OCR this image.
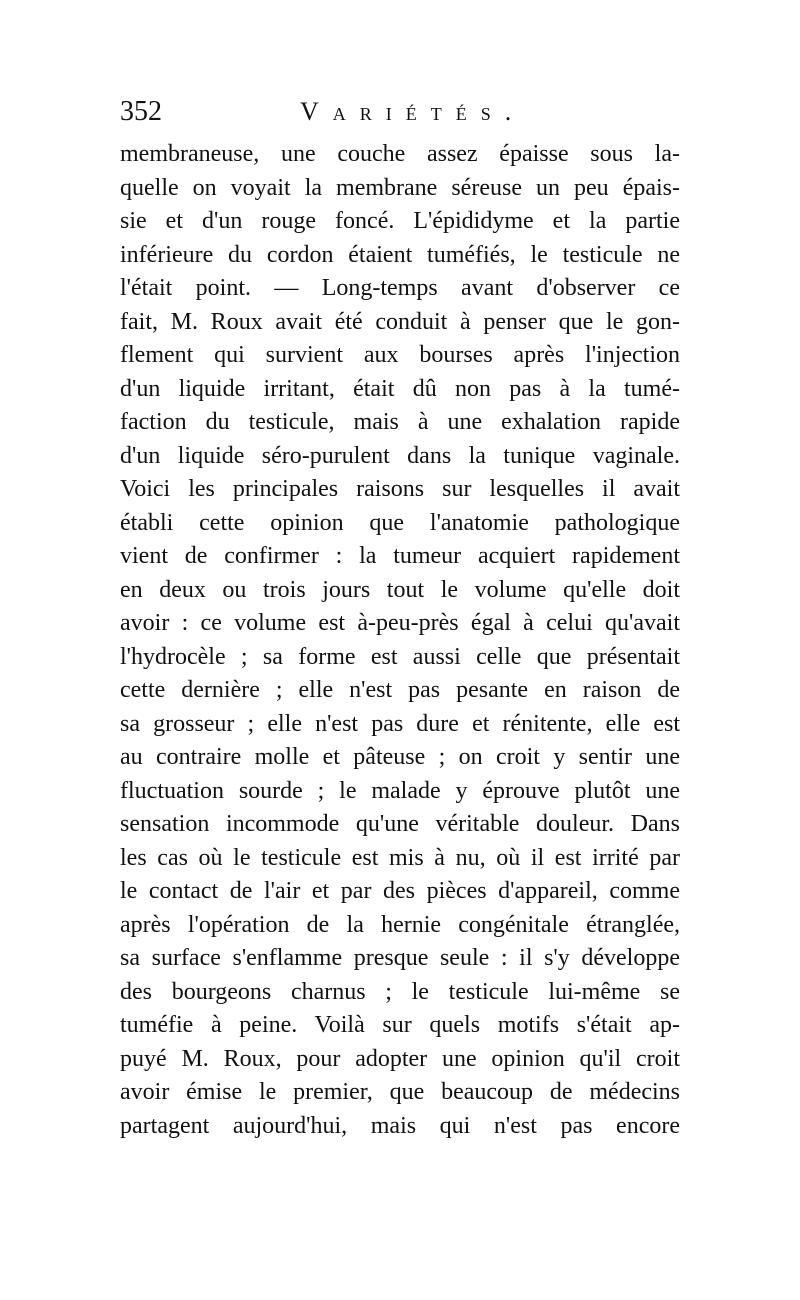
352	Variétés.
membraneuse, une couche assez épaisse sous la-
quelle on voyait la membrane séreuse un peu épais-
sie et d'un rouge foncé. L'épididyme et la partie
inférieure du cordon étaient tuméfiés, le testicule ne
l'était point. — Long-temps avant d'observer ce
fait, M. Roux avait été conduit à penser que le gon-
flement qui survient aux bourses après l'injection
d'un liquide irritant, était dû non pas à la tumé-
faction du testicule, mais à une exhalation rapide
d'un liquide séro-purulent dans la tunique vaginale.
Voici les principales raisons sur lesquelles il avait
établi cette opinion que l'anatomie pathologique
vient de confirmer : la tumeur acquiert rapidement
en deux ou trois jours tout le volume qu'elle doit
avoir : ce volume est à-peu-près égal à celui qu'avait
l'hydrocèle ; sa forme est aussi celle que présentait
cette dernière ; elle n'est pas pesante en raison de
sa grosseur ; elle n'est pas dure et rénitente, elle est
au contraire molle et pâteuse ; on croit y sentir une
fluctuation sourde ; le malade y éprouve plutôt une
sensation incommode qu'une véritable douleur. Dans
les cas où le testicule est mis à nu, où il est irrité par
le contact de l'air et par des pièces d'appareil, comme
après l'opération de la hernie congénitale étranglée,
sa surface s'enflamme presque seule : il s'y développe
des bourgeons charnus ; le testicule lui-même se
tuméfie à peine. Voilà sur quels motifs s'était ap-
puyé M. Roux, pour adopter une opinion qu'il croit
avoir émise le premier, que beaucoup de médecins
partagent aujourd'hui, mais qui n'est pas encore
